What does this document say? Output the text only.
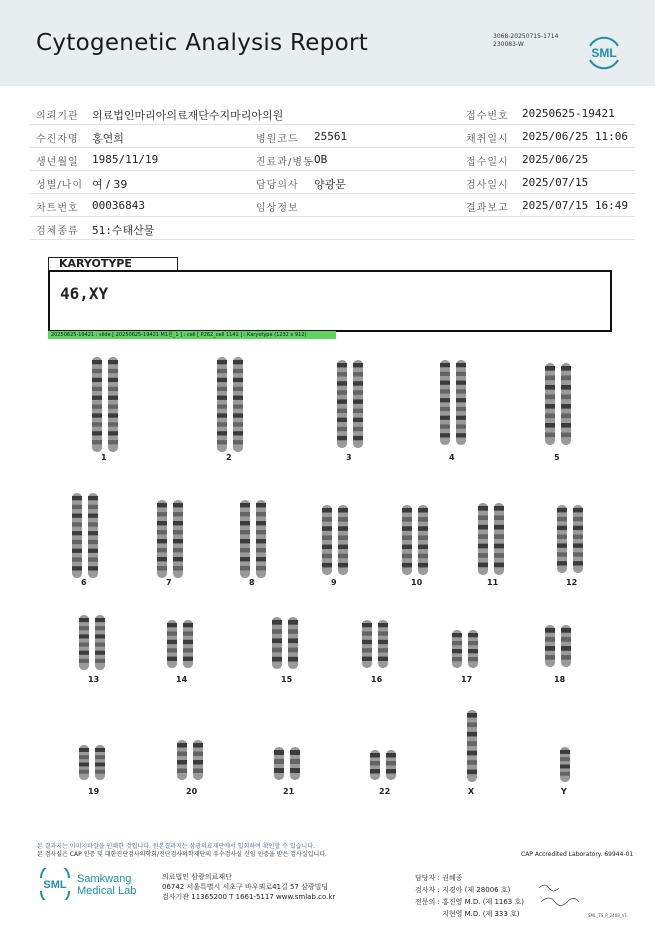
Cytogenetic Analysis Report	3068-20250715-1714
230083-W
SML
의뢰기관 의료법인마리아의료재단수지마리아의원	접수번호 20250625-19421
수진자명 홍연희	병원코드 25561	채취일시 2025/06/25 11:06
생년월일 1985/11/19	진료과/병동 OB	접수일시 2025/06/25
성별/나이 여 / 39	담당의사 양광문	검사일시 2025/07/15
차트번호 00036843	임상정보	결과보고 2025/07/15 16:49
검체종류 51:수태산물
KARYOTYPE
46,XY
20250625-19421 : slide [ 20250625-19421 M1원_1 ] : cell [ P262_cell 1141 ] : Karyotype (1232 x 912)
1	2	3	4	5
6	7	8	9	10	11	12
13	14	15	16	17	18
19	20	21	22	X	Y
본 결과지는 이미지파일을 인쇄한 것입니다. 원본결과지는 삼광의료재단에서 입회하여 확인할 수 있습니다.
본 검사실은 CAP 인증 및 대한진단검사의학회/진단검사의학재단의 우수검사실 신임 인증을 받은 검사실입니다.	CAP Accredited Laboratory. 69944-01
SML Samkwang
Medical Lab
의료법인 삼광의료재단
06742 서울특별시 서초구 바우뫼로41길 57 삼광빌딩
검사기관 11365200 T 1661-5117 www.smlab.co.kr
담당자 : 권혜종
검사자 : 지경아 (제 28006 호)
전문의 : 홍진영 M.D. (제 1163 호)
지현영 M.D. (제 333 호)	SML_TS_P_2408_V1
